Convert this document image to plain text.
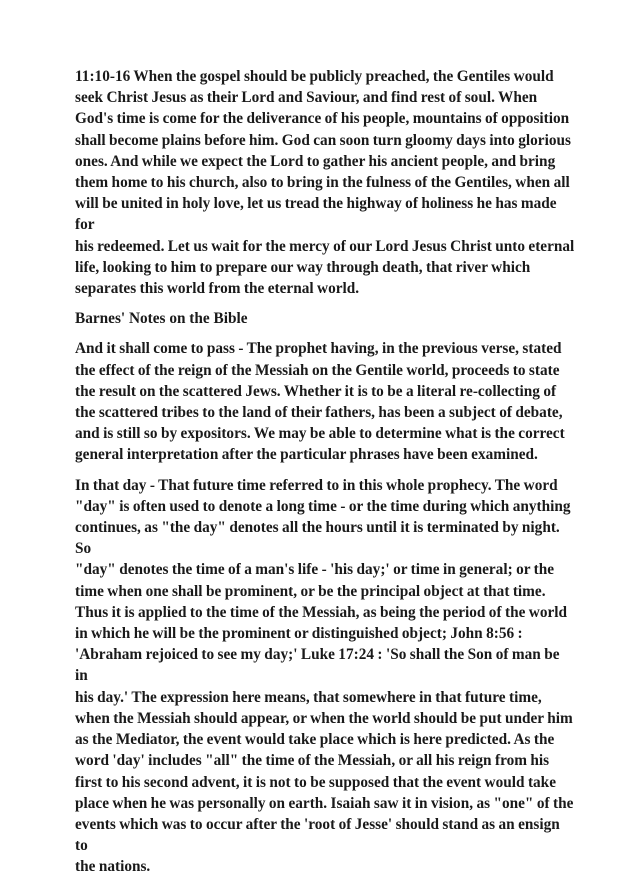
11:10-16 When the gospel should be publicly preached, the Gentiles would
seek Christ Jesus as their Lord and Saviour, and find rest of soul. When
God's time is come for the deliverance of his people, mountains of opposition
shall become plains before him. God can soon turn gloomy days into glorious
ones. And while we expect the Lord to gather his ancient people, and bring
them home to his church, also to bring in the fulness of the Gentiles, when all
will be united in holy love, let us tread the highway of holiness he has made for
his redeemed. Let us wait for the mercy of our Lord Jesus Christ unto eternal
life, looking to him to prepare our way through death, that river which
separates this world from the eternal world.

Barnes' Notes on the Bible

And it shall come to pass - The prophet having, in the previous verse, stated
the effect of the reign of the Messiah on the Gentile world, proceeds to state
the result on the scattered Jews. Whether it is to be a literal re-collecting of
the scattered tribes to the land of their fathers, has been a subject of debate,
and is still so by expositors. We may be able to determine what is the correct
general interpretation after the particular phrases have been examined.

In that day - That future time referred to in this whole prophecy. The word
"day" is often used to denote a long time - or the time during which anything
continues, as "the day" denotes all the hours until it is terminated by night. So
"day" denotes the time of a man's life - 'his day;' or time in general; or the
time when one shall be prominent, or be the principal object at that time.
Thus it is applied to the time of the Messiah, as being the period of the world
in which he will be the prominent or distinguished object; John 8:56 :
'Abraham rejoiced to see my day;' Luke 17:24 : 'So shall the Son of man be in
his day.' The expression here means, that somewhere in that future time,
when the Messiah should appear, or when the world should be put under him
as the Mediator, the event would take place which is here predicted. As the
word 'day' includes "all" the time of the Messiah, or all his reign from his
first to his second advent, it is not to be supposed that the event would take
place when he was personally on earth. Isaiah saw it in vision, as "one" of the
events which was to occur after the 'root of Jesse' should stand as an ensign to
the nations.
